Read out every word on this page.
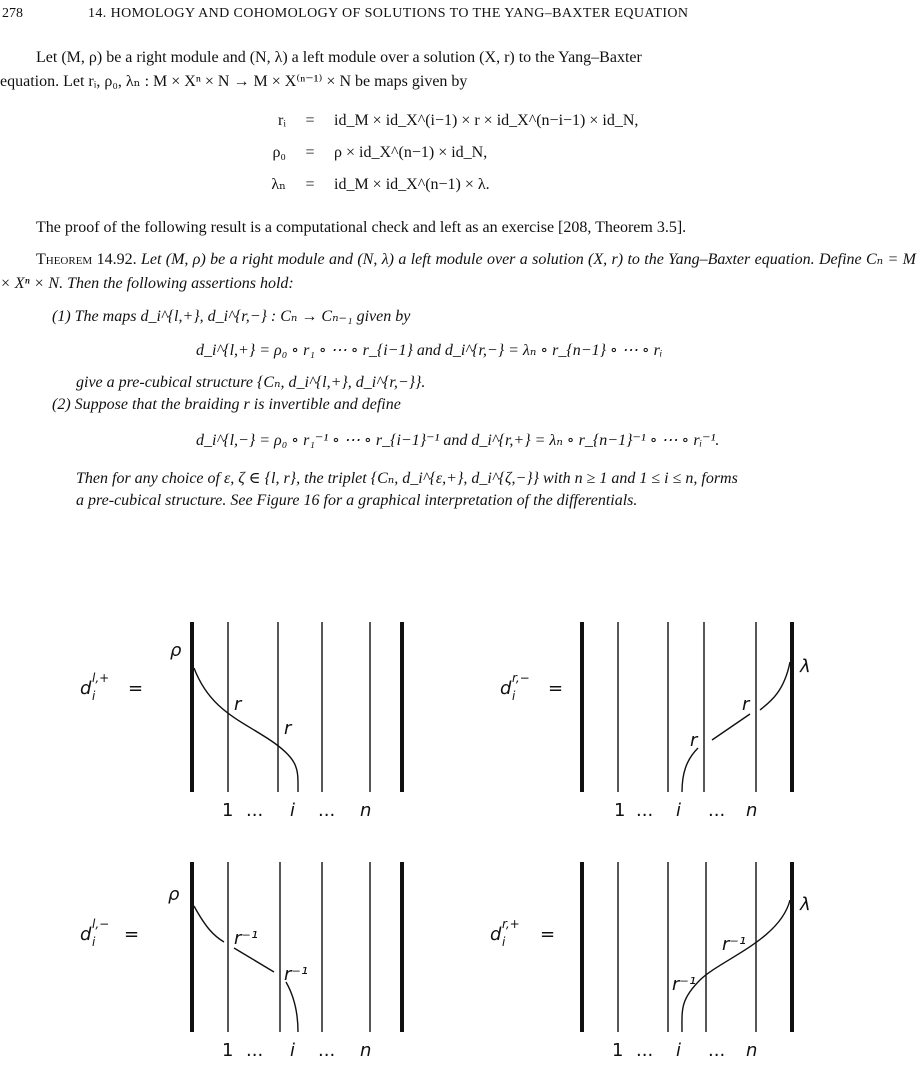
278	14. HOMOLOGY AND COHOMOLOGY OF SOLUTIONS TO THE YANG–BAXTER EQUATION
Let (M, ρ) be a right module and (N, λ) a left module over a solution (X, r) to the Yang–Baxter
equation. Let rᵢ, ρ₀, λₙ : M × Xⁿ × N → M × X⁽ⁿ⁻¹⁾ × N be maps given by
rᵢ = id_M × id_X^(i−1) × r × id_X^(n−i−1) × id_N,
ρ₀ = ρ × id_X^(n−1) × id_N,
λₙ = id_M × id_X^(n−1) × λ.
The proof of the following result is a computational check and left as an exercise [208, Theorem 3.5].
Theorem 14.92. Let (M, ρ) be a right module and (N, λ) a left module over a solution (X, r) to the Yang–Baxter equation. Define Cₙ = M × Xⁿ × N. Then the following assertions hold:
(1) The maps d_i^{l,+}, d_i^{r,−} : Cₙ → Cₙ₋₁ given by
d_i^{l,+} = ρ₀ ∘ r₁ ∘ ⋯ ∘ r_{i−1} and d_i^{r,−} = λₙ ∘ r_{n−1} ∘ ⋯ ∘ rᵢ
give a pre-cubical structure {Cₙ, d_i^{l,+}, d_i^{r,−}}.
(2) Suppose that the braiding r is invertible and define
d_i^{l,−} = ρ₀ ∘ r₁⁻¹ ∘ ⋯ ∘ r_{i−1}⁻¹ and d_i^{r,+} = λₙ ∘ r_{n−1}⁻¹ ∘ ⋯ ∘ rᵢ⁻¹.
Then for any choice of ε, ζ ∈ {l, r}, the triplet {Cₙ, d_i^{ε,+}, d_i^{ζ,−}} with n ≥ 1 and 1 ≤ i ≤ n, forms
a pre-cubical structure. See Figure 16 for a graphical interpretation of the differentials.
d i
l,+ =
ρ
r
r
1 ... i ... n
d i
r,− =
λ
r
r
1 ... i ... n
d i
l,− =
ρ
r⁻¹
r⁻¹
1 ... i ... n
d i
r,+ =
λ
r⁻¹
r⁻¹
1 ... i ... n
